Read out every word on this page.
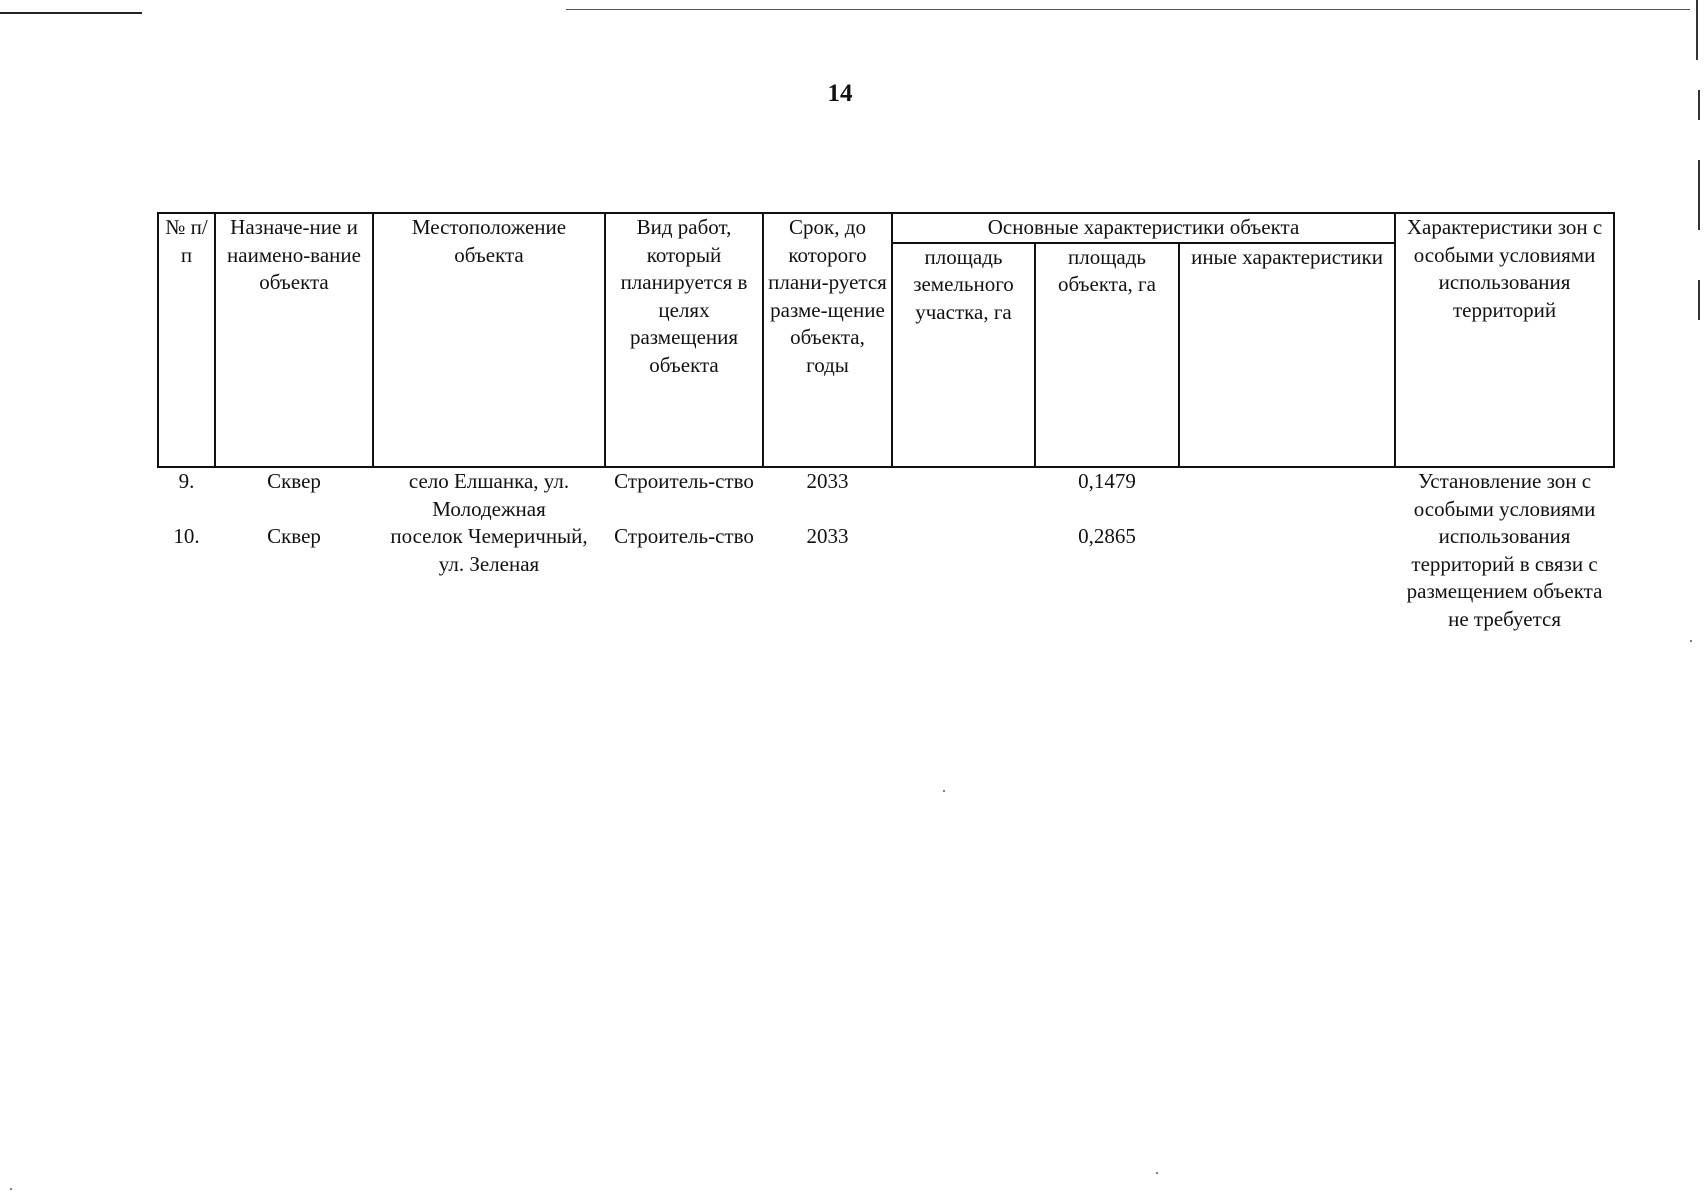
14
№ п/п	Назначе-ние и наимено-вание объекта	Местоположение объекта	Вид работ, который планируется в целях размещения объекта	Срок, до которого плани-руется разме-щение объекта, годы	Основные характеристики объекта			Характеристики зон с особыми условиями использования территорий
					площадь земельного участка, га	площадь объекта, га	иные характеристики	
9.	Сквер	село Елшанка, ул. Молодежная	Строитель-ство	2033		0,1479		Установление зон с особыми условиями использования территорий в связи с размещением объекта не требуется
10.	Сквер	поселок Чемеричный, ул. Зеленая	Строитель-ство	2033		0,2865		
